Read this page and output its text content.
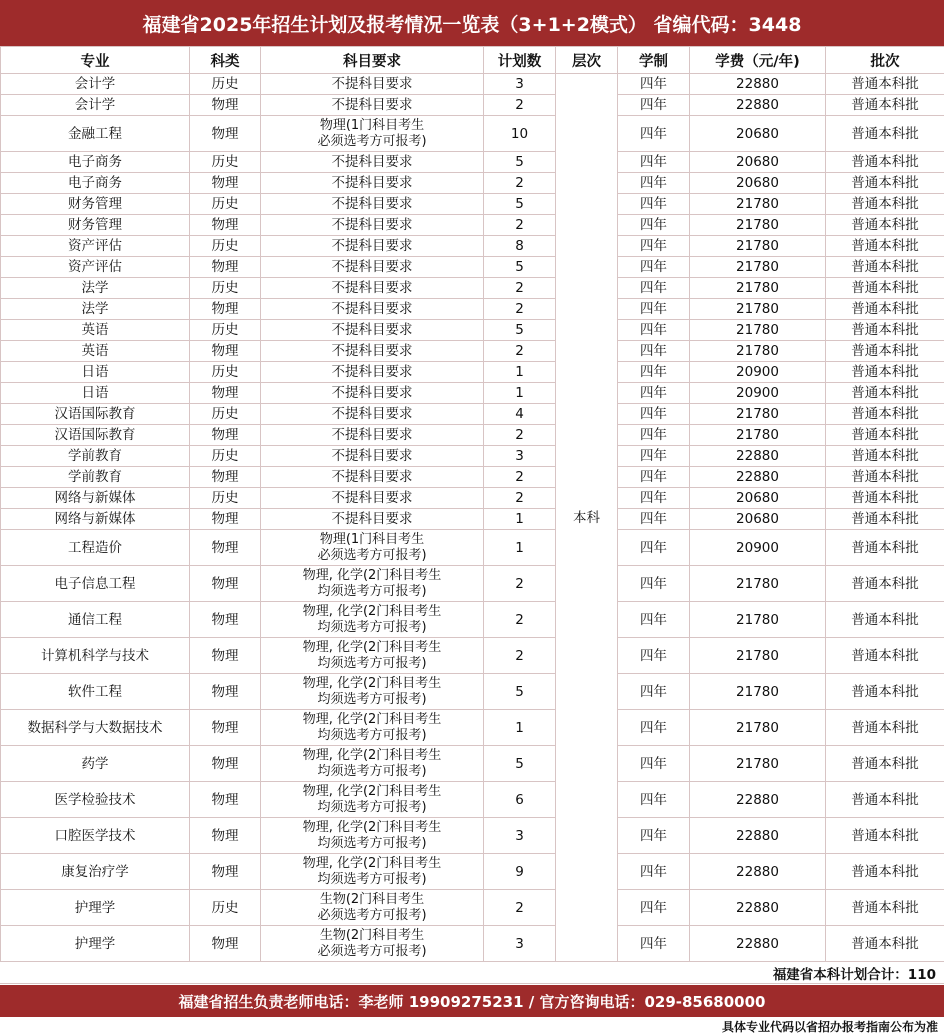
福建省2025年招生计划及报考情况一览表（3+1+2模式） 省编代码：3448
专业	科类	科目要求	计划数	层次	学制	学费（元/年)	批次
会计学	历史	不提科目要求	3	本科	四年	22880	普通本科批
会计学	物理	不提科目要求	2		四年	22880	普通本科批
金融工程	物理	物理(1门科目考生
必须选考方可报考)	10		四年	20680	普通本科批
电子商务	历史	不提科目要求	5		四年	20680	普通本科批
电子商务	物理	不提科目要求	2		四年	20680	普通本科批
财务管理	历史	不提科目要求	5		四年	21780	普通本科批
财务管理	物理	不提科目要求	2		四年	21780	普通本科批
资产评估	历史	不提科目要求	8		四年	21780	普通本科批
资产评估	物理	不提科目要求	5		四年	21780	普通本科批
法学	历史	不提科目要求	2		四年	21780	普通本科批
法学	物理	不提科目要求	2		四年	21780	普通本科批
英语	历史	不提科目要求	5		四年	21780	普通本科批
英语	物理	不提科目要求	2		四年	21780	普通本科批
日语	历史	不提科目要求	1		四年	20900	普通本科批
日语	物理	不提科目要求	1		四年	20900	普通本科批
汉语国际教育	历史	不提科目要求	4		四年	21780	普通本科批
汉语国际教育	物理	不提科目要求	2		四年	21780	普通本科批
学前教育	历史	不提科目要求	3		四年	22880	普通本科批
学前教育	物理	不提科目要求	2		四年	22880	普通本科批
网络与新媒体	历史	不提科目要求	2		四年	20680	普通本科批
网络与新媒体	物理	不提科目要求	1		四年	20680	普通本科批
工程造价	物理	物理(1门科目考生
必须选考方可报考)	1		四年	20900	普通本科批
电子信息工程	物理	物理, 化学(2门科目考生
均须选考方可报考)	2		四年	21780	普通本科批
通信工程	物理	物理, 化学(2门科目考生
均须选考方可报考)	2		四年	21780	普通本科批
计算机科学与技术	物理	物理, 化学(2门科目考生
均须选考方可报考)	2		四年	21780	普通本科批
软件工程	物理	物理, 化学(2门科目考生
均须选考方可报考)	5		四年	21780	普通本科批
数据科学与大数据技术	物理	物理, 化学(2门科目考生
均须选考方可报考)	1		四年	21780	普通本科批
药学	物理	物理, 化学(2门科目考生
均须选考方可报考)	5		四年	21780	普通本科批
医学检验技术	物理	物理, 化学(2门科目考生
均须选考方可报考)	6		四年	22880	普通本科批
口腔医学技术	物理	物理, 化学(2门科目考生
均须选考方可报考)	3		四年	22880	普通本科批
康复治疗学	物理	物理, 化学(2门科目考生
均须选考方可报考)	9		四年	22880	普通本科批
护理学	历史	生物(2门科目考生
必须选考方可报考)	2		四年	22880	普通本科批
护理学	物理	生物(2门科目考生
必须选考方可报考)	3		四年	22880	普通本科批
福建省本科计划合计：110
福建省招生负责老师电话：李老师 19909275231 / 官方咨询电话：029-85680000
具体专业代码以省招办报考指南公布为准
